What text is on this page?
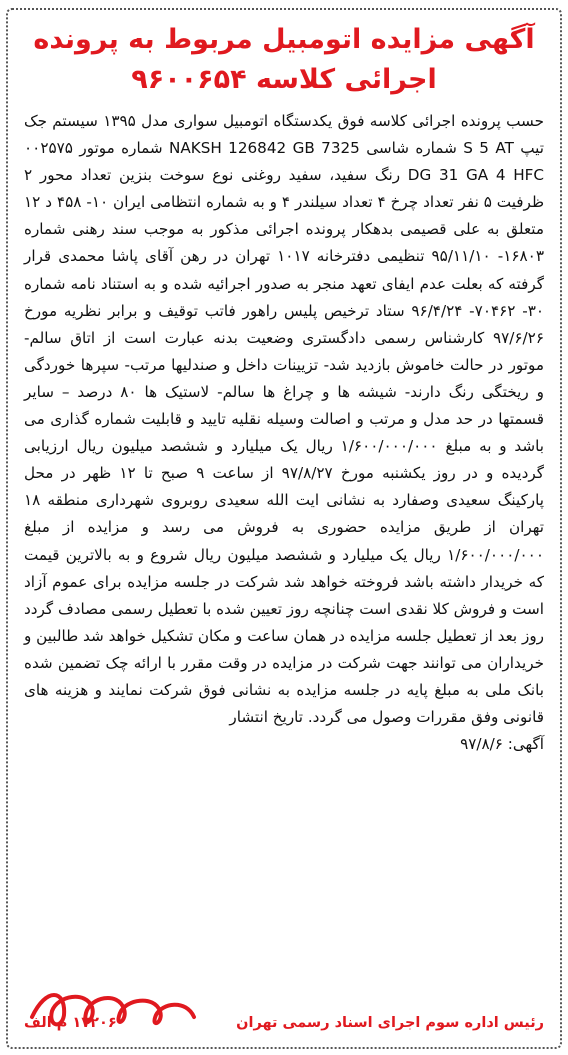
آگهی مزایده اتومبیل مربوط به پرونده
اجرائی کلاسه ۹۶۰۰۶۵۴

حسب پرونده اجرائی کلاسه فوق یکدستگاه اتومبیل سواری مدل ۱۳۹۵ سیستم جک تیپ S 5 AT شماره شاسی NAKSH 126842 GB 7325 شماره موتور ۰۰۲۵۷۵ DG 31 GA 4 HFC رنگ سفید، سفید روغنی نوع سوخت بنزین تعداد محور ۲ ظرفیت ۵ نفر تعداد چرخ ۴ تعداد سیلندر ۴ و به شماره انتظامی ایران ۱۰- ۴۵۸ د ۱۲ متعلق به علی قصیمی بدهکار پرونده اجرائی مذکور به موجب سند رهنی شماره ۱۶۸۰۳- ۹۵/۱۱/۱۰ تنظیمی دفترخانه ۱۰۱۷ تهران در رهن آقای پاشا محمدی قرار گرفته که بعلت عدم ایفای تعهد منجر به صدور اجرائیه شده و به استناد نامه شماره ۳۰- ۷۰۴۶۲- ۹۶/۴/۲۴ ستاد ترخیص پلیس راهور فاتب توقیف و برابر نظریه مورخ ۹۷/۶/۲۶ کارشناس رسمی دادگستری وضعیت بدنه عبارت است از اتاق سالم- موتور در حالت خاموش بازدید شد- تزیینات داخل و صندلیها مرتب- سپرها خوردگی و ریختگی رنگ دارند- شیشه ها و چراغ ها سالم- لاستیک ها ۸۰ درصد – سایر قسمتها در حد مدل و مرتب و اصالت وسیله نقلیه تایید و قابلیت شماره گذاری می باشد و به مبلغ ۱/۶۰۰/۰۰۰/۰۰۰ ریال یک میلیارد و ششصد میلیون ریال ارزیابی گردیده و در روز یکشنبه مورخ ۹۷/۸/۲۷ از ساعت ۹ صبح تا ۱۲ ظهر در محل پارکینگ سعیدی وصفارد به نشانی ایت الله سعیدی روبروی شهرداری منطقه ۱۸ تهران از طریق مزایده حضوری به فروش می رسد و مزایده از مبلغ ۱/۶۰۰/۰۰۰/۰۰۰ ریال یک میلیارد و ششصد میلیون ریال شروع و به بالاترین قیمت که خریدار داشته باشد فروخته خواهد شد شرکت در جلسه مزایده برای عموم آزاد است و فروش کلا نقدی است چنانچه روز تعیین شده با تعطیل رسمی مصادف گردد روز بعد از تعطیل جلسه مزایده در همان ساعت و مکان تشکیل خواهد شد طالبین و خریداران می توانند جهت شرکت در مزایده در وقت مقرر با ارائه چک تضمین شده بانک ملی به مبلغ پایه در جلسه مزایده به نشانی فوق شرکت نمایند و هزینه های قانونی وفق مقررات وصول می گردد. تاریخ انتشار

آگهی: ۹۷/۸/۶

رئیس اداره سوم اجرای اسناد رسمی تهران
۱۷۲۰۶ م الف
